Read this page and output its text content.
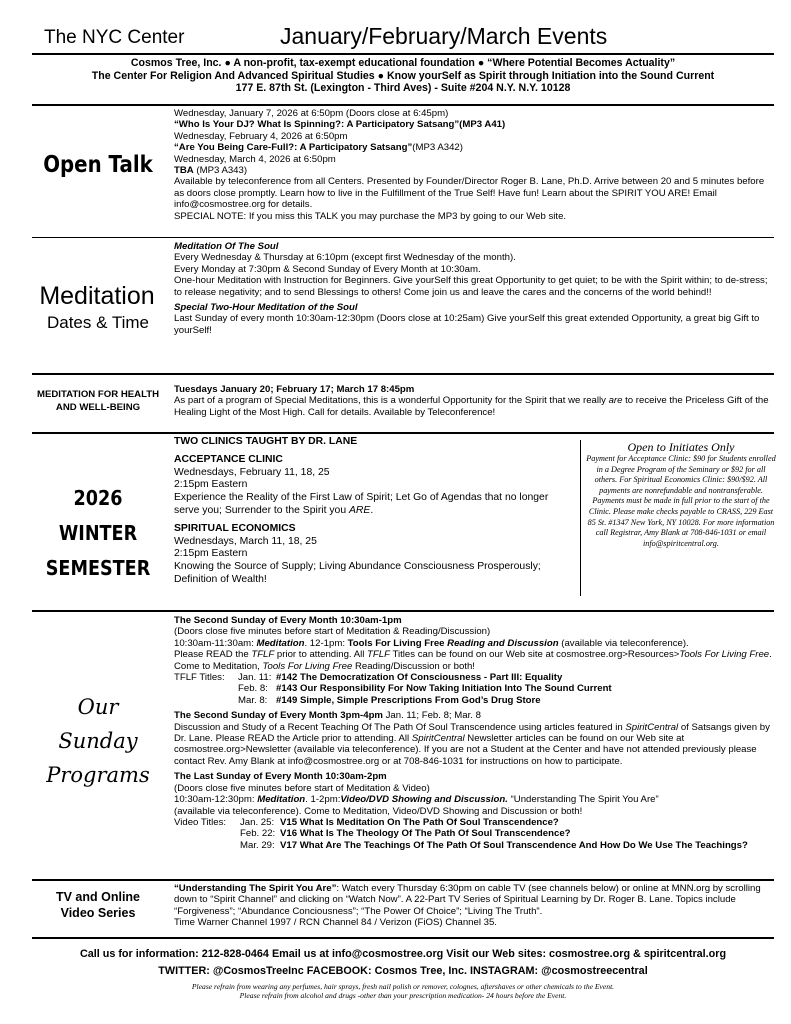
The NYC Center	January/February/March Events
Cosmos Tree, Inc. ● A non-profit, tax-exempt educational foundation ● “Where Potential Becomes Actuality”
The Center For Religion And Advanced Spiritual Studies ● Know yourSelf as Spirit through Initiation into the Sound Current
177 E. 87th St. (Lexington - Third Aves) - Suite #204 N.Y. N.Y. 10128
Open Talk
Wednesday, January 7, 2026 at 6:50pm (Doors close at 6:45pm)
“Who Is Your DJ? What Is Spinning?: A Participatory Satsang”(MP3 A41)
Wednesday, February 4, 2026 at 6:50pm
“Are You Being Care-Full?: A Participatory Satsang”(MP3 A342)
Wednesday, March 4, 2026 at 6:50pm
TBA (MP3 A343)
Available by teleconference from all Centers. Presented by Founder/Director Roger B. Lane, Ph.D. Arrive between 20 and 5 minutes before as doors close promptly. Learn how to live in the Fulfillment of the True Self! Have fun! Learn about the SPIRIT YOU ARE! Email info@cosmostree.org for details.
SPECIAL NOTE: If you miss this TALK you may purchase the MP3 by going to our Web site.
Meditation
Dates & Time
Meditation Of The Soul
Every Wednesday & Thursday at 6:10pm (except first Wednesday of the month).
Every Monday at 7:30pm & Second Sunday of Every Month at 10:30am.
One-hour Meditation with Instruction for Beginners. Give yourSelf this great Opportunity to get quiet; to be with the Spirit within; to de-stress; to release negativity; and to send Blessings to others! Come join us and leave the cares and the concerns of the world behind!!
Special Two-Hour Meditation of the Soul
Last Sunday of every month 10:30am-12:30pm (Doors close at 10:25am) Give yourSelf this great extended Opportunity, a great big Gift to yourSelf!
MEDITATION FOR HEALTH
AND WELL-BEING
Tuesdays January 20; February 17; March 17 8:45pm
As part of a program of Special Meditations, this is a wonderful Opportunity for the Spirit that we really are to receive the Priceless Gift of the Healing Light of the Most High. Call for details. Available by Teleconference!
2026
WINTER
SEMESTER
TWO CLINICS TAUGHT BY DR. LANE
ACCEPTANCE CLINIC
Wednesdays, February 11, 18, 25
2:15pm Eastern
Experience the Reality of the First Law of Spirit; Let Go of Agendas that no longer serve you; Surrender to the Spirit you ARE.
SPIRITUAL ECONOMICS
Wednesdays, March 11, 18, 25
2:15pm Eastern
Knowing the Source of Supply; Living Abundance Consciousness Prosperously; Definition of Wealth!
Open to Initiates Only
Payment for Acceptance Clinic: $90 for Students enrolled in a Degree Program of the Seminary or $92 for all others. For Spiritual Economics Clinic: $90/$92. All payments are nonrefundable and nontransferable. Payments must be made in full prior to the start of the Clinic. Please make checks payable to CRASS, 229 East 85 St. #1347 New York, NY 10028. For more information call Registrar, Amy Blank at 708-846-1031 or email info@spiritcentral.org.
Our
Sunday
Programs
The Second Sunday of Every Month 10:30am-1pm
(Doors close five minutes before start of Meditation & Reading/Discussion)
10:30am-11:30am: Meditation. 12-1pm: Tools For Living Free Reading and Discussion (available via teleconference).
Please READ the TFLF prior to attending. All TFLF Titles can be found on our Web site at cosmostree.org>Resources>Tools For Living Free. Come to Meditation, Tools For Living Free Reading/Discussion or both!
TFLF Titles: Jan. 11: #142 The Democratization Of Consciousness - Part III: Equality
Feb. 8: #143 Our Responsibility For Now Taking Initiation Into The Sound Current
Mar. 8: #149 Simple, Simple Prescriptions From God’s Drug Store
The Second Sunday of Every Month 3pm-4pm Jan. 11; Feb. 8; Mar. 8
Discussion and Study of a Recent Teaching Of The Path Of Soul Transcendence using articles featured in SpiritCentral of Satsangs given by Dr. Lane. Please READ the Article prior to attending. All SpiritCentral Newsletter articles can be found on our Web site at cosmostree.org>Newsletter (available via teleconference). If you are not a Student at the Center and have not attended previously please contact Rev. Amy Blank at info@cosmostree.org or at 708-846-1031 for instructions on how to participate.
The Last Sunday of Every Month 10:30am-2pm
(Doors close five minutes before start of Meditation & Video)
10:30am-12:30pm: Meditation. 1-2pm:Video/DVD Showing and Discussion. “Understanding The Spirit You Are”
(available via teleconference). Come to Meditation, Video/DVD Showing and Discussion or both!
Video Titles: Jan. 25: V15 What Is Meditation On The Path Of Soul Transcendence?
Feb. 22: V16 What Is The Theology Of The Path Of Soul Transcendence?
Mar. 29: V17 What Are The Teachings Of The Path Of Soul Transcendence And How Do We Use The Teachings?
TV and Online
Video Series
“Understanding The Spirit You Are”: Watch every Thursday 6:30pm on cable TV (see channels below) or online at MNN.org by scrolling down to “Spirit Channel” and clicking on “Watch Now”. A 22-Part TV Series of Spiritual Learning by Dr. Roger B. Lane. Topics include “Forgiveness”; “Abundance Conciousness”; “The Power Of Choice”; “Living The Truth”.
Time Warner Channel 1997 / RCN Channel 84 / Verizon (FiOS) Channel 35.
Call us for information: 212-828-0464 Email us at info@cosmostree.org Visit our Web sites: cosmostree.org & spiritcentral.org
TWITTER: @CosmosTreeInc FACEBOOK: Cosmos Tree, Inc. INSTAGRAM: @cosmostreecentral
Please refrain from wearing any perfumes, hair sprays, fresh nail polish or remover, colognes, aftershaves or other chemicals to the Event.
Please refrain from alcohol and drugs -other than your prescription medication- 24 hours before the Event.
